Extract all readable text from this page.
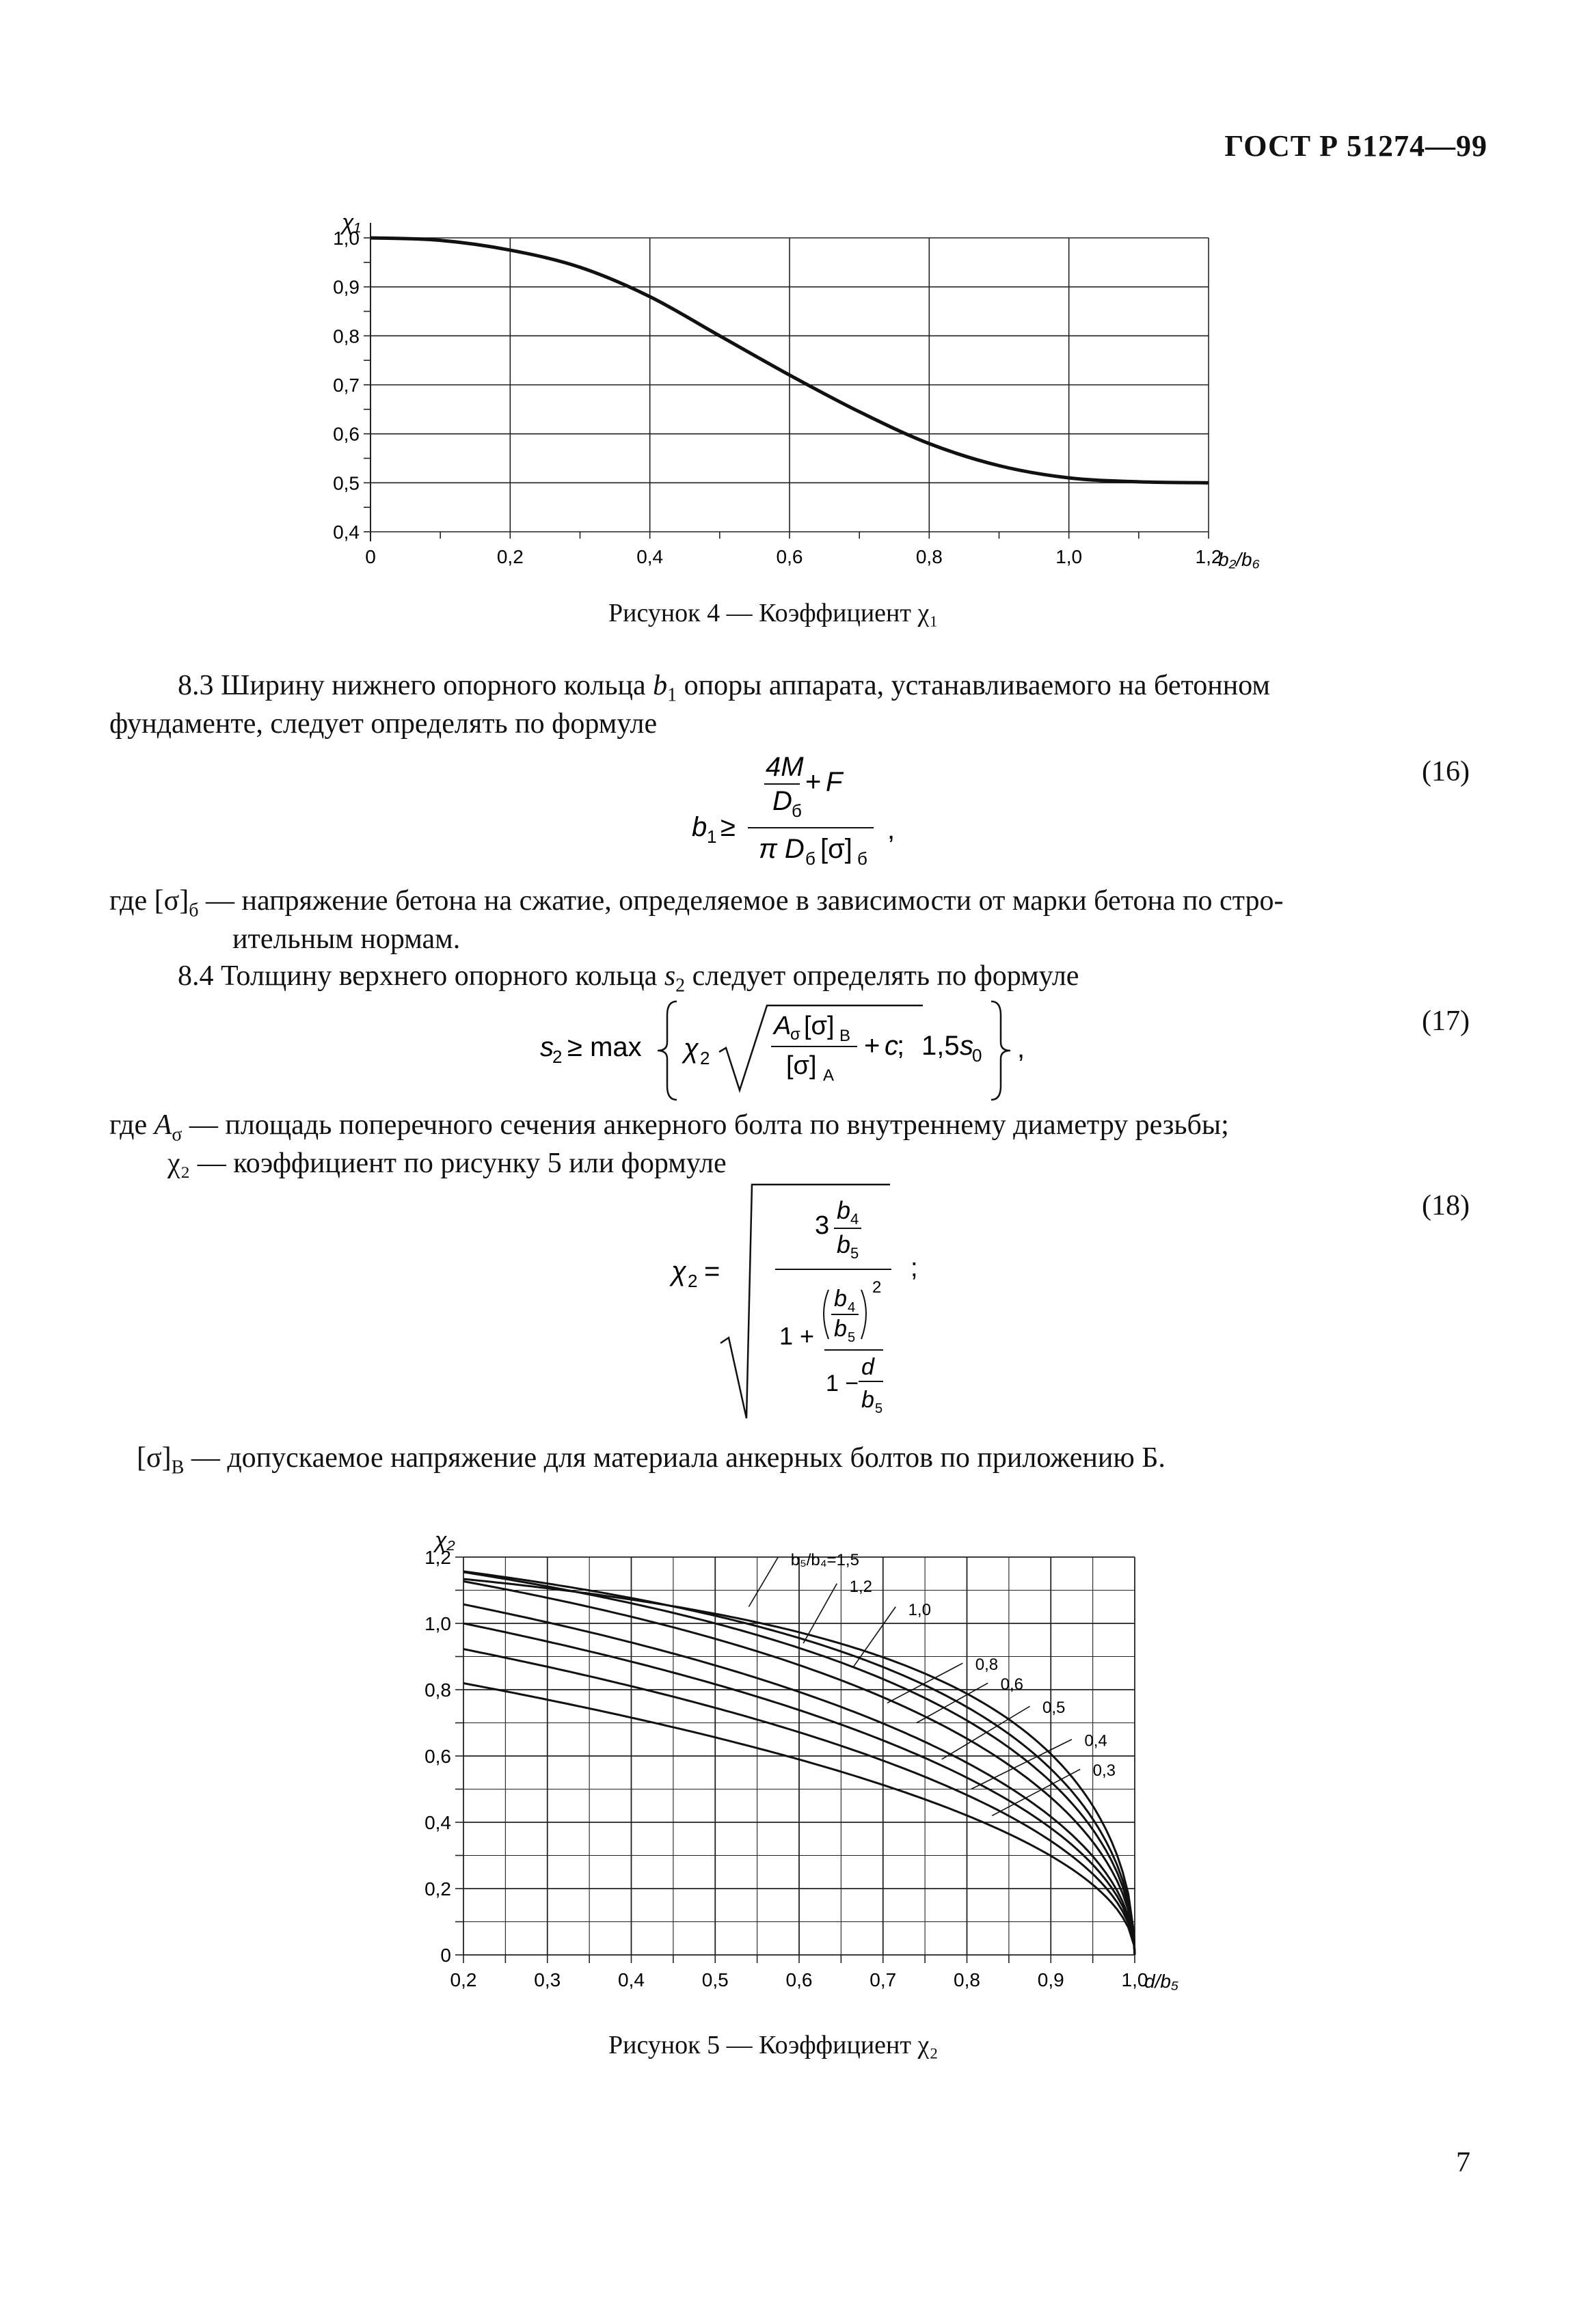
ГОСТ Р 51274—99
0	0,2	0,4	0,6	0,8	1,0	1,2
0,4
0,5
0,6
0,7
0,8
0,9
1,0
χ₁
b₂/b₆
Рисунок 4 — Коэффициент χ₁
8.3 Ширину нижнего опорного кольца $b_1$ опоры аппарата, устанавливаемого на бетонном
фундаменте, следует определять по формуле
4M
D б
+ F
b 1 ≥
π D б [σ] б
,
(16)
где $[\sigma]_б$ — напряжение бетона на сжатие, определяемое в зависимости от марки бетона по стро-
ительным нормам.
8.4 Толщину верхнего опорного кольца $s_2$ следует определять по формуле
s
2 ≥ max χ 2
A
σ [σ] B
[σ] A
+ c
; 1,5 s
0 ,
(17)
где $A_\sigma$ — площадь поперечного сечения анкерного болта по внутреннему диаметру резьбы;
χ₂ — коэффициент по рисунку 5 или формуле
χ 2 =
3
b 4
b 5
;
1 +
b 4
b 5
2
1 −
d
b 5
(18)
$[\sigma]_B$ — допускаемое напряжение для материала анкерных болтов по приложению Б.
0,2	0,3	0,4	0,5	0,6	0,7	0,8	0,9	1,0
0
0,2
0,4
0,6
0,8
1,0
1,2
χ₂
d/b₅
b₅/b₄=1,5
1,2
1,0
0,8
0,6
0,5
0,4
0,3
Рисунок 5 — Коэффициент χ₂
7
